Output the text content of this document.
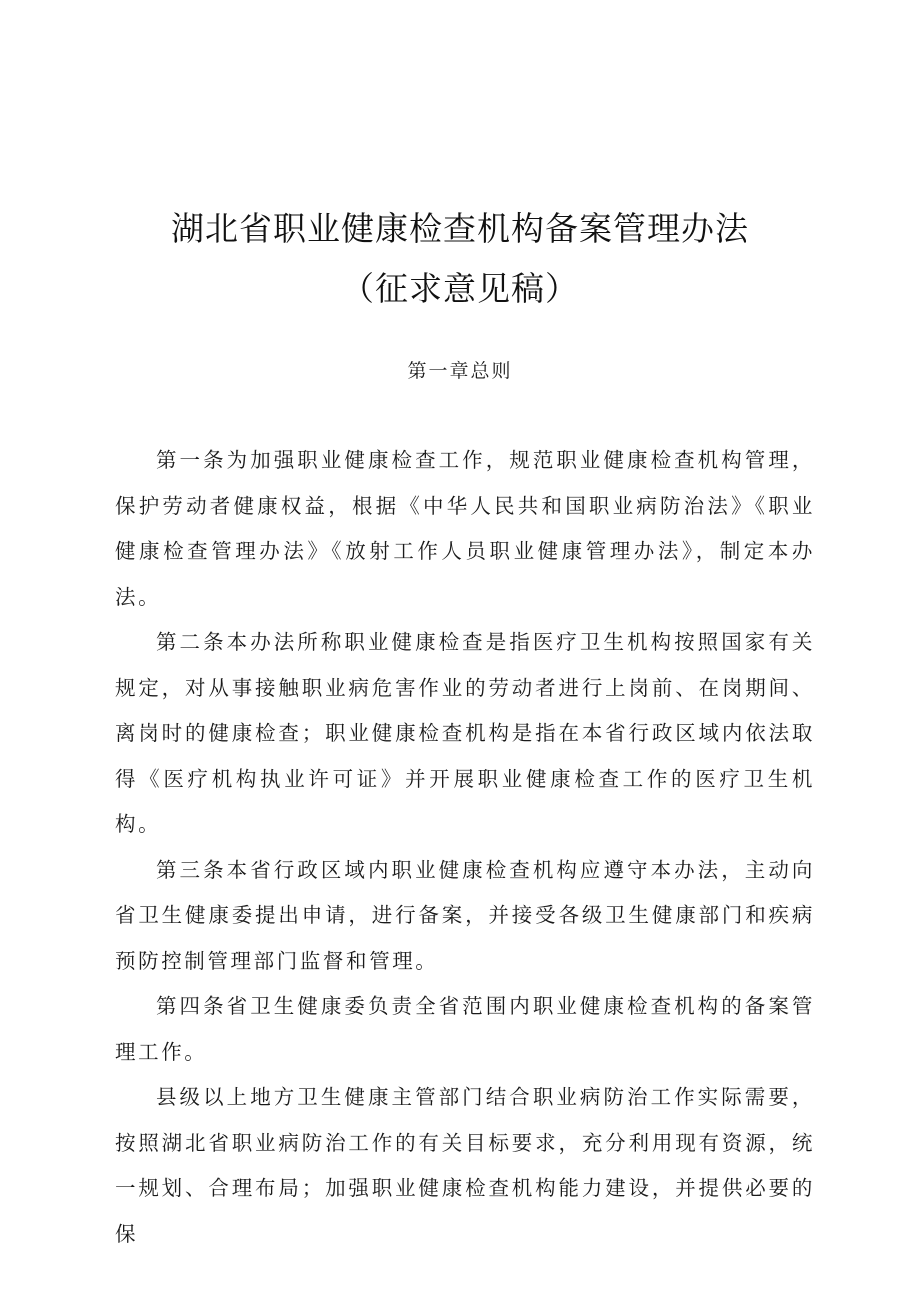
湖北省职业健康检查机构备案管理办法
（征求意见稿）
第一章总则

第一条为加强职业健康检查工作，规范职业健康检查机构管理，保护劳动者健康权益，根据《中华人民共和国职业病防治法》《职业健康检查管理办法》《放射工作人员职业健康管理办法》，制定本办法。

第二条本办法所称职业健康检查是指医疗卫生机构按照国家有关规定，对从事接触职业病危害作业的劳动者进行上岗前、在岗期间、离岗时的健康检查；职业健康检查机构是指在本省行政区域内依法取得《医疗机构执业许可证》并开展职业健康检查工作的医疗卫生机构。

第三条本省行政区域内职业健康检查机构应遵守本办法，主动向省卫生健康委提出申请，进行备案，并接受各级卫生健康部门和疾病预防控制管理部门监督和管理。

第四条省卫生健康委负责全省范围内职业健康检查机构的备案管理工作。

县级以上地方卫生健康主管部门结合职业病防治工作实际需要，按照湖北省职业病防治工作的有关目标要求，充分利用现有资源，统一规划、合理布局；加强职业健康检查机构能力建设，并提供必要的保
